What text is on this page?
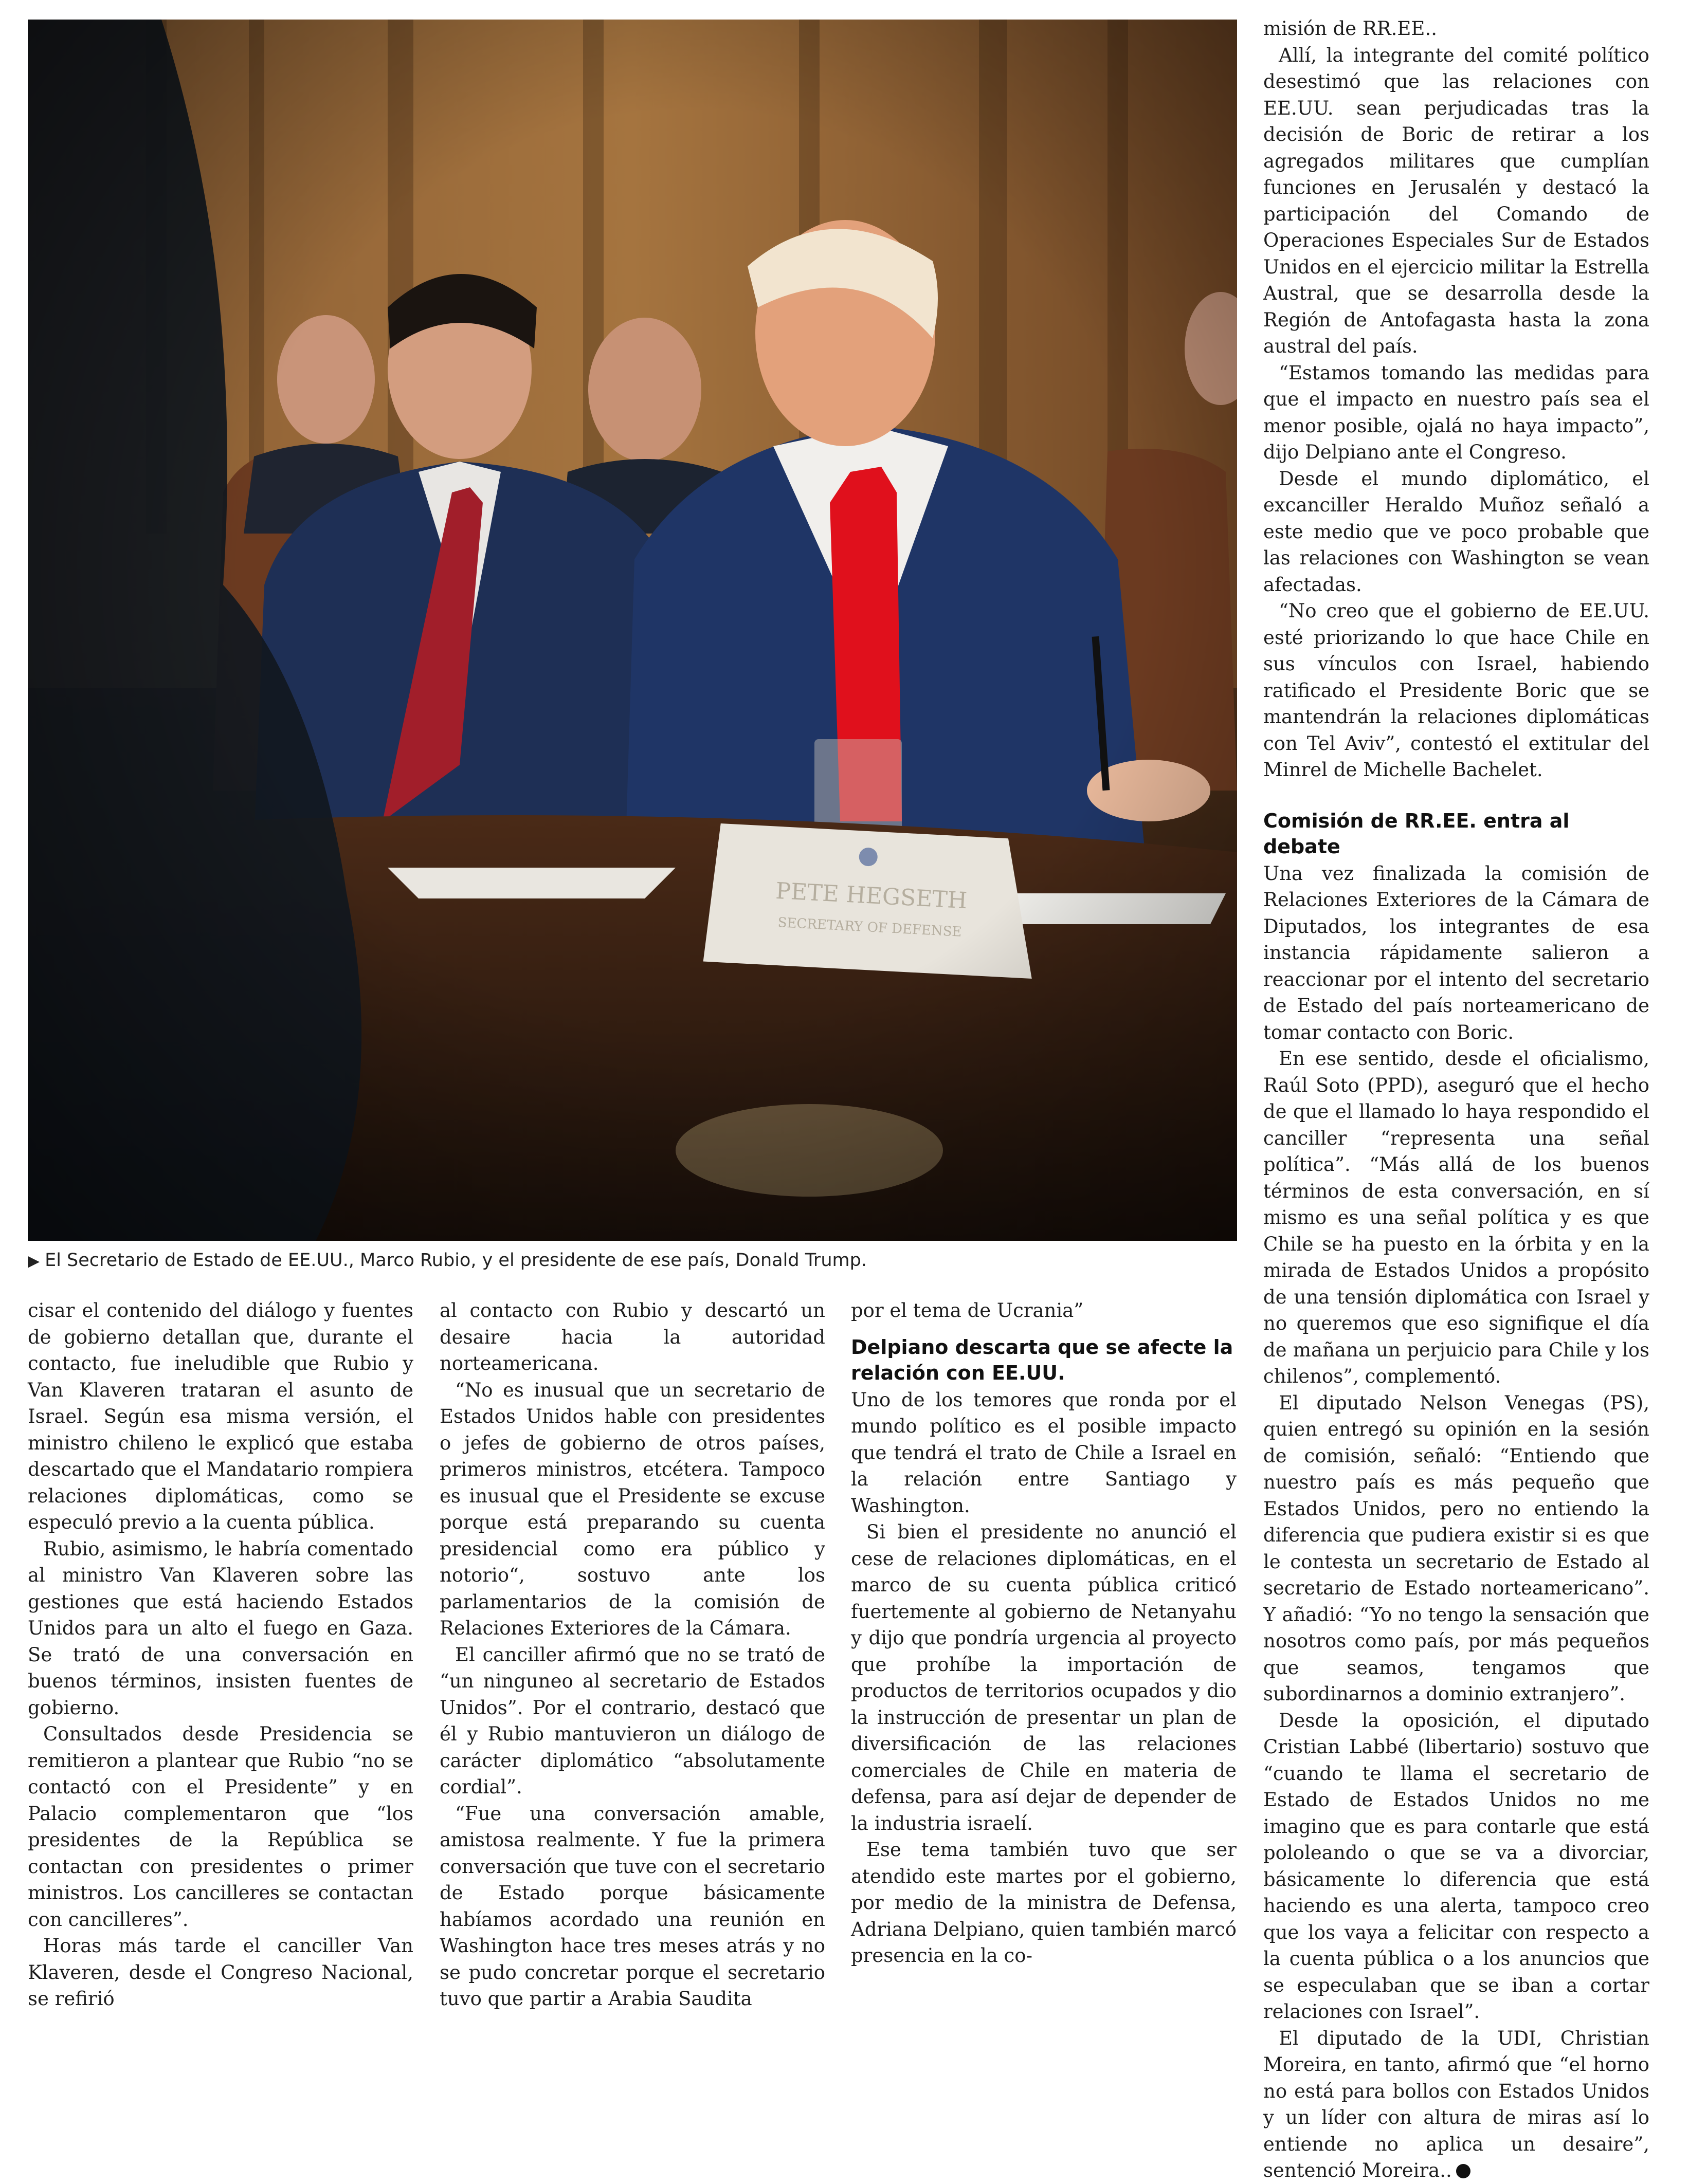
▶ El Secretario de Estado de EE.UU., Marco Rubio, y el presidente de ese país, Donald Trump.

cisar el contenido del diálogo y fuentes de gobierno detallan que, durante el contacto, fue ineludible que Rubio y Van Klaveren trataran el asunto de Israel. Según esa misma versión, el ministro chileno le explicó que estaba descartado que el Mandatario rompiera relaciones diplomáticas, como se especuló previo a la cuenta pública.

Rubio, asimismo, le habría comentado al ministro Van Klaveren sobre las gestiones que está haciendo Estados Unidos para un alto el fuego en Gaza. Se trató de una conversación en buenos términos, insisten fuentes de gobierno.

Consultados desde Presidencia se remitieron a plantear que Rubio “no se contactó con el Presidente” y en Palacio complementaron que “los presidentes de la República se contactan con presidentes o primer ministros. Los cancilleres se contactan con cancilleres”.

Horas más tarde el canciller Van Klaveren, desde el Congreso Nacional, se refirió

al contacto con Rubio y descartó un desaire hacia la autoridad norteamericana.

“No es inusual que un secretario de Estados Unidos hable con presidentes o jefes de gobierno de otros países, primeros ministros, etcétera. Tampoco es inusual que el Presidente se excuse porque está preparando su cuenta presidencial como era público y notorio“, sostuvo ante los parlamentarios de la comisión de Relaciones Exteriores de la Cámara.

El canciller afirmó que no se trató de “un ninguneo al secretario de Estados Unidos”. Por el contrario, destacó que él y Rubio mantuvieron un diálogo de carácter diplomático “absolutamente cordial”.

“Fue una conversación amable, amistosa realmente. Y fue la primera conversación que tuve con el secretario de Estado porque básicamente habíamos acordado una reunión en Washington hace tres meses atrás y no se pudo concretar porque el secretario tuvo que partir a Arabia Saudita

por el tema de Ucrania”

Delpiano descarta que se afecte la relación con EE.UU.

Uno de los temores que ronda por el mundo político es el posible impacto que tendrá el trato de Chile a Israel en la relación entre Santiago y Washington.

Si bien el presidente no anunció el cese de relaciones diplomáticas, en el marco de su cuenta pública criticó fuertemente al gobierno de Netanyahu y dijo que pondría urgencia al proyecto que prohíbe la importación de productos de territorios ocupados y dio la instrucción de presentar un plan de diversificación de las relaciones comerciales de Chile en materia de defensa, para así dejar de depender de la industria israelí.

Ese tema también tuvo que ser atendido este martes por el gobierno, por medio de la ministra de Defensa, Adriana Delpiano, quien también marcó presencia en la co-

misión de RR.EE..

Allí, la integrante del comité político desestimó que las relaciones con EE.UU. sean perjudicadas tras la decisión de Boric de retirar a los agregados militares que cumplían funciones en Jerusalén y destacó la participación del Comando de Operaciones Especiales Sur de Estados Unidos en el ejercicio militar la Estrella Austral, que se desarrolla desde la Región de Antofagasta hasta la zona austral del país.

“Estamos tomando las medidas para que el impacto en nuestro país sea el menor posible, ojalá no haya impacto”, dijo Delpiano ante el Congreso.

Desde el mundo diplomático, el excanciller Heraldo Muñoz señaló a este medio que ve poco probable que las relaciones con Washington se vean afectadas.

“No creo que el gobierno de EE.UU. esté priorizando lo que hace Chile en sus vínculos con Israel, habiendo ratificado el Presidente Boric que se mantendrán la relaciones diplomáticas con Tel Aviv”, contestó el extitular del Minrel de Michelle Bachelet.

Comisión de RR.EE. entra al debate

Una vez finalizada la comisión de Relaciones Exteriores de la Cámara de Diputados, los integrantes de esa instancia rápidamente salieron a reaccionar por el intento del secretario de Estado del país norteamericano de tomar contacto con Boric.

En ese sentido, desde el oficialismo, Raúl Soto (PPD), aseguró que el hecho de que el llamado lo haya respondido el canciller “representa una señal política”. “Más allá de los buenos términos de esta conversación, en sí mismo es una señal política y es que Chile se ha puesto en la órbita y en la mirada de Estados Unidos a propósito de una tensión diplomática con Israel y no queremos que eso signifique el día de mañana un perjuicio para Chile y los chilenos”, complementó.

El diputado Nelson Venegas (PS), quien entregó su opinión en la sesión de comisión, señaló: “Entiendo que nuestro país es más pequeño que Estados Unidos, pero no entiendo la diferencia que pudiera existir si es que le contesta un secretario de Estado al secretario de Estado norteamericano”. Y añadió: “Yo no tengo la sensación que nosotros como país, por más pequeños que seamos, tengamos que subordinarnos a dominio extranjero”.

Desde la oposición, el diputado Cristian Labbé (libertario) sostuvo que “cuando te llama el secretario de Estado de Estados Unidos no me imagino que es para contarle que está pololeando o que se va a divorciar, básicamente lo diferencia que está haciendo es una alerta, tampoco creo que los vaya a felicitar con respecto a la cuenta pública o a los anuncios que se especulaban que se iban a cortar relaciones con Israel”.

El diputado de la UDI, Christian Moreira, en tanto, afirmó que “el horno no está para bollos con Estados Unidos y un líder con altura de miras así lo entiende no aplica un desaire”, sentenció Moreira..
